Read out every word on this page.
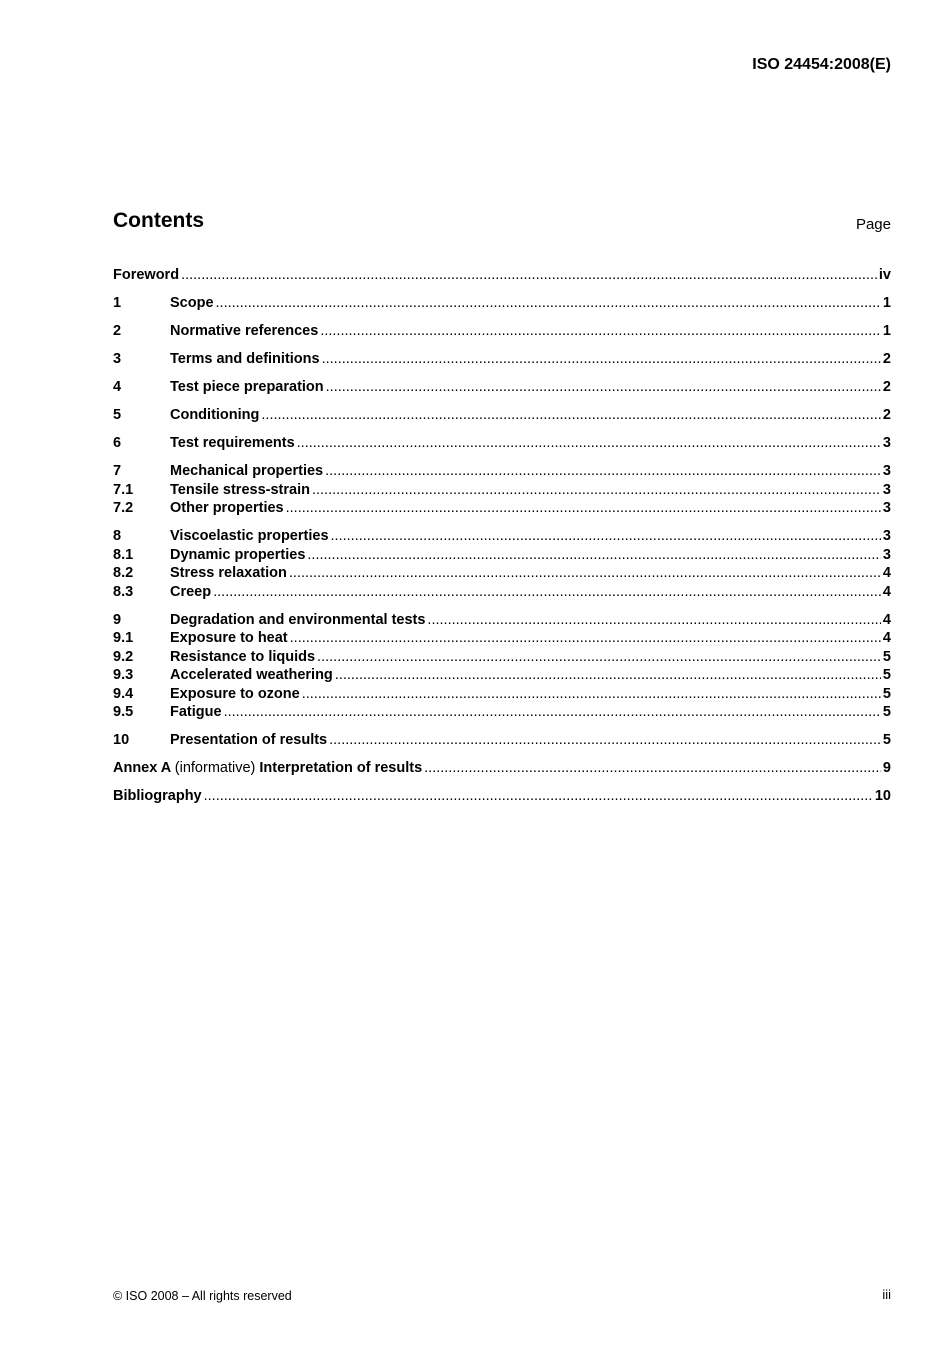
ISO 24454:2008(E)
Contents	Page
Foreword .....	iv
1	Scope .....	1
2	Normative references .....	1
3	Terms and definitions .....	2
4	Test piece preparation .....	2
5	Conditioning .....	2
6	Test requirements .....	3
7	Mechanical properties .....	3
7.1	Tensile stress-strain .....	3
7.2	Other properties .....	3
8	Viscoelastic properties .....	3
8.1	Dynamic properties .....	3
8.2	Stress relaxation .....	4
8.3	Creep .....	4
9	Degradation and environmental tests .....	4
9.1	Exposure to heat .....	4
9.2	Resistance to liquids .....	5
9.3	Accelerated weathering .....	5
9.4	Exposure to ozone .....	5
9.5	Fatigue .....	5
10	Presentation of results .....	5
Annex A (informative) Interpretation of results .....	9
Bibliography .....	10
© ISO 2008 – All rights reserved	iii
